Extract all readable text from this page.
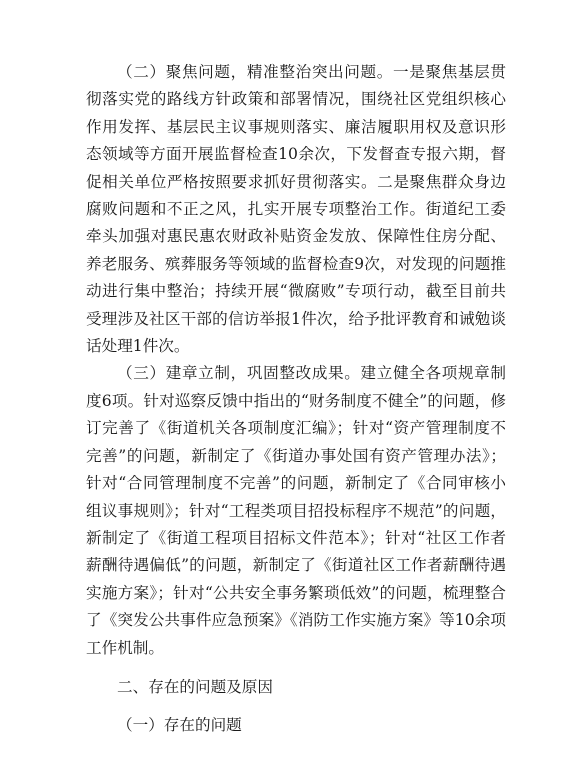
（二）聚焦问题，精准整治突出问题。一是聚焦基层贯彻落实党的路线方针政策和部署情况，围绕社区党组织核心作用发挥、基层民主议事规则落实、廉洁履职用权及意识形态领域等方面开展监督检查10余次，下发督查专报六期，督促相关单位严格按照要求抓好贯彻落实。二是聚焦群众身边腐败问题和不正之风，扎实开展专项整治工作。街道纪工委牵头加强对惠民惠农财政补贴资金发放、保障性住房分配、养老服务、殡葬服务等领域的监督检查9次，对发现的问题推动进行集中整治；持续开展“微腐败”专项行动，截至目前共受理涉及社区干部的信访举报1件次，给予批评教育和诫勉谈话处理1件次。

（三）建章立制，巩固整改成果。建立健全各项规章制度6项。针对巡察反馈中指出的“财务制度不健全”的问题，修订完善了《街道机关各项制度汇编》；针对“资产管理制度不完善”的问题，新制定了《街道办事处国有资产管理办法》；针对“合同管理制度不完善”的问题，新制定了《合同审核小组议事规则》；针对“工程类项目招投标程序不规范”的问题，新制定了《街道工程项目招标文件范本》；针对“社区工作者薪酬待遇偏低”的问题，新制定了《街道社区工作者薪酬待遇实施方案》；针对“公共安全事务繁琐低效”的问题，梳理整合了《突发公共事件应急预案》《消防工作实施方案》等10余项工作机制。

二、存在的问题及原因

（一）存在的问题
